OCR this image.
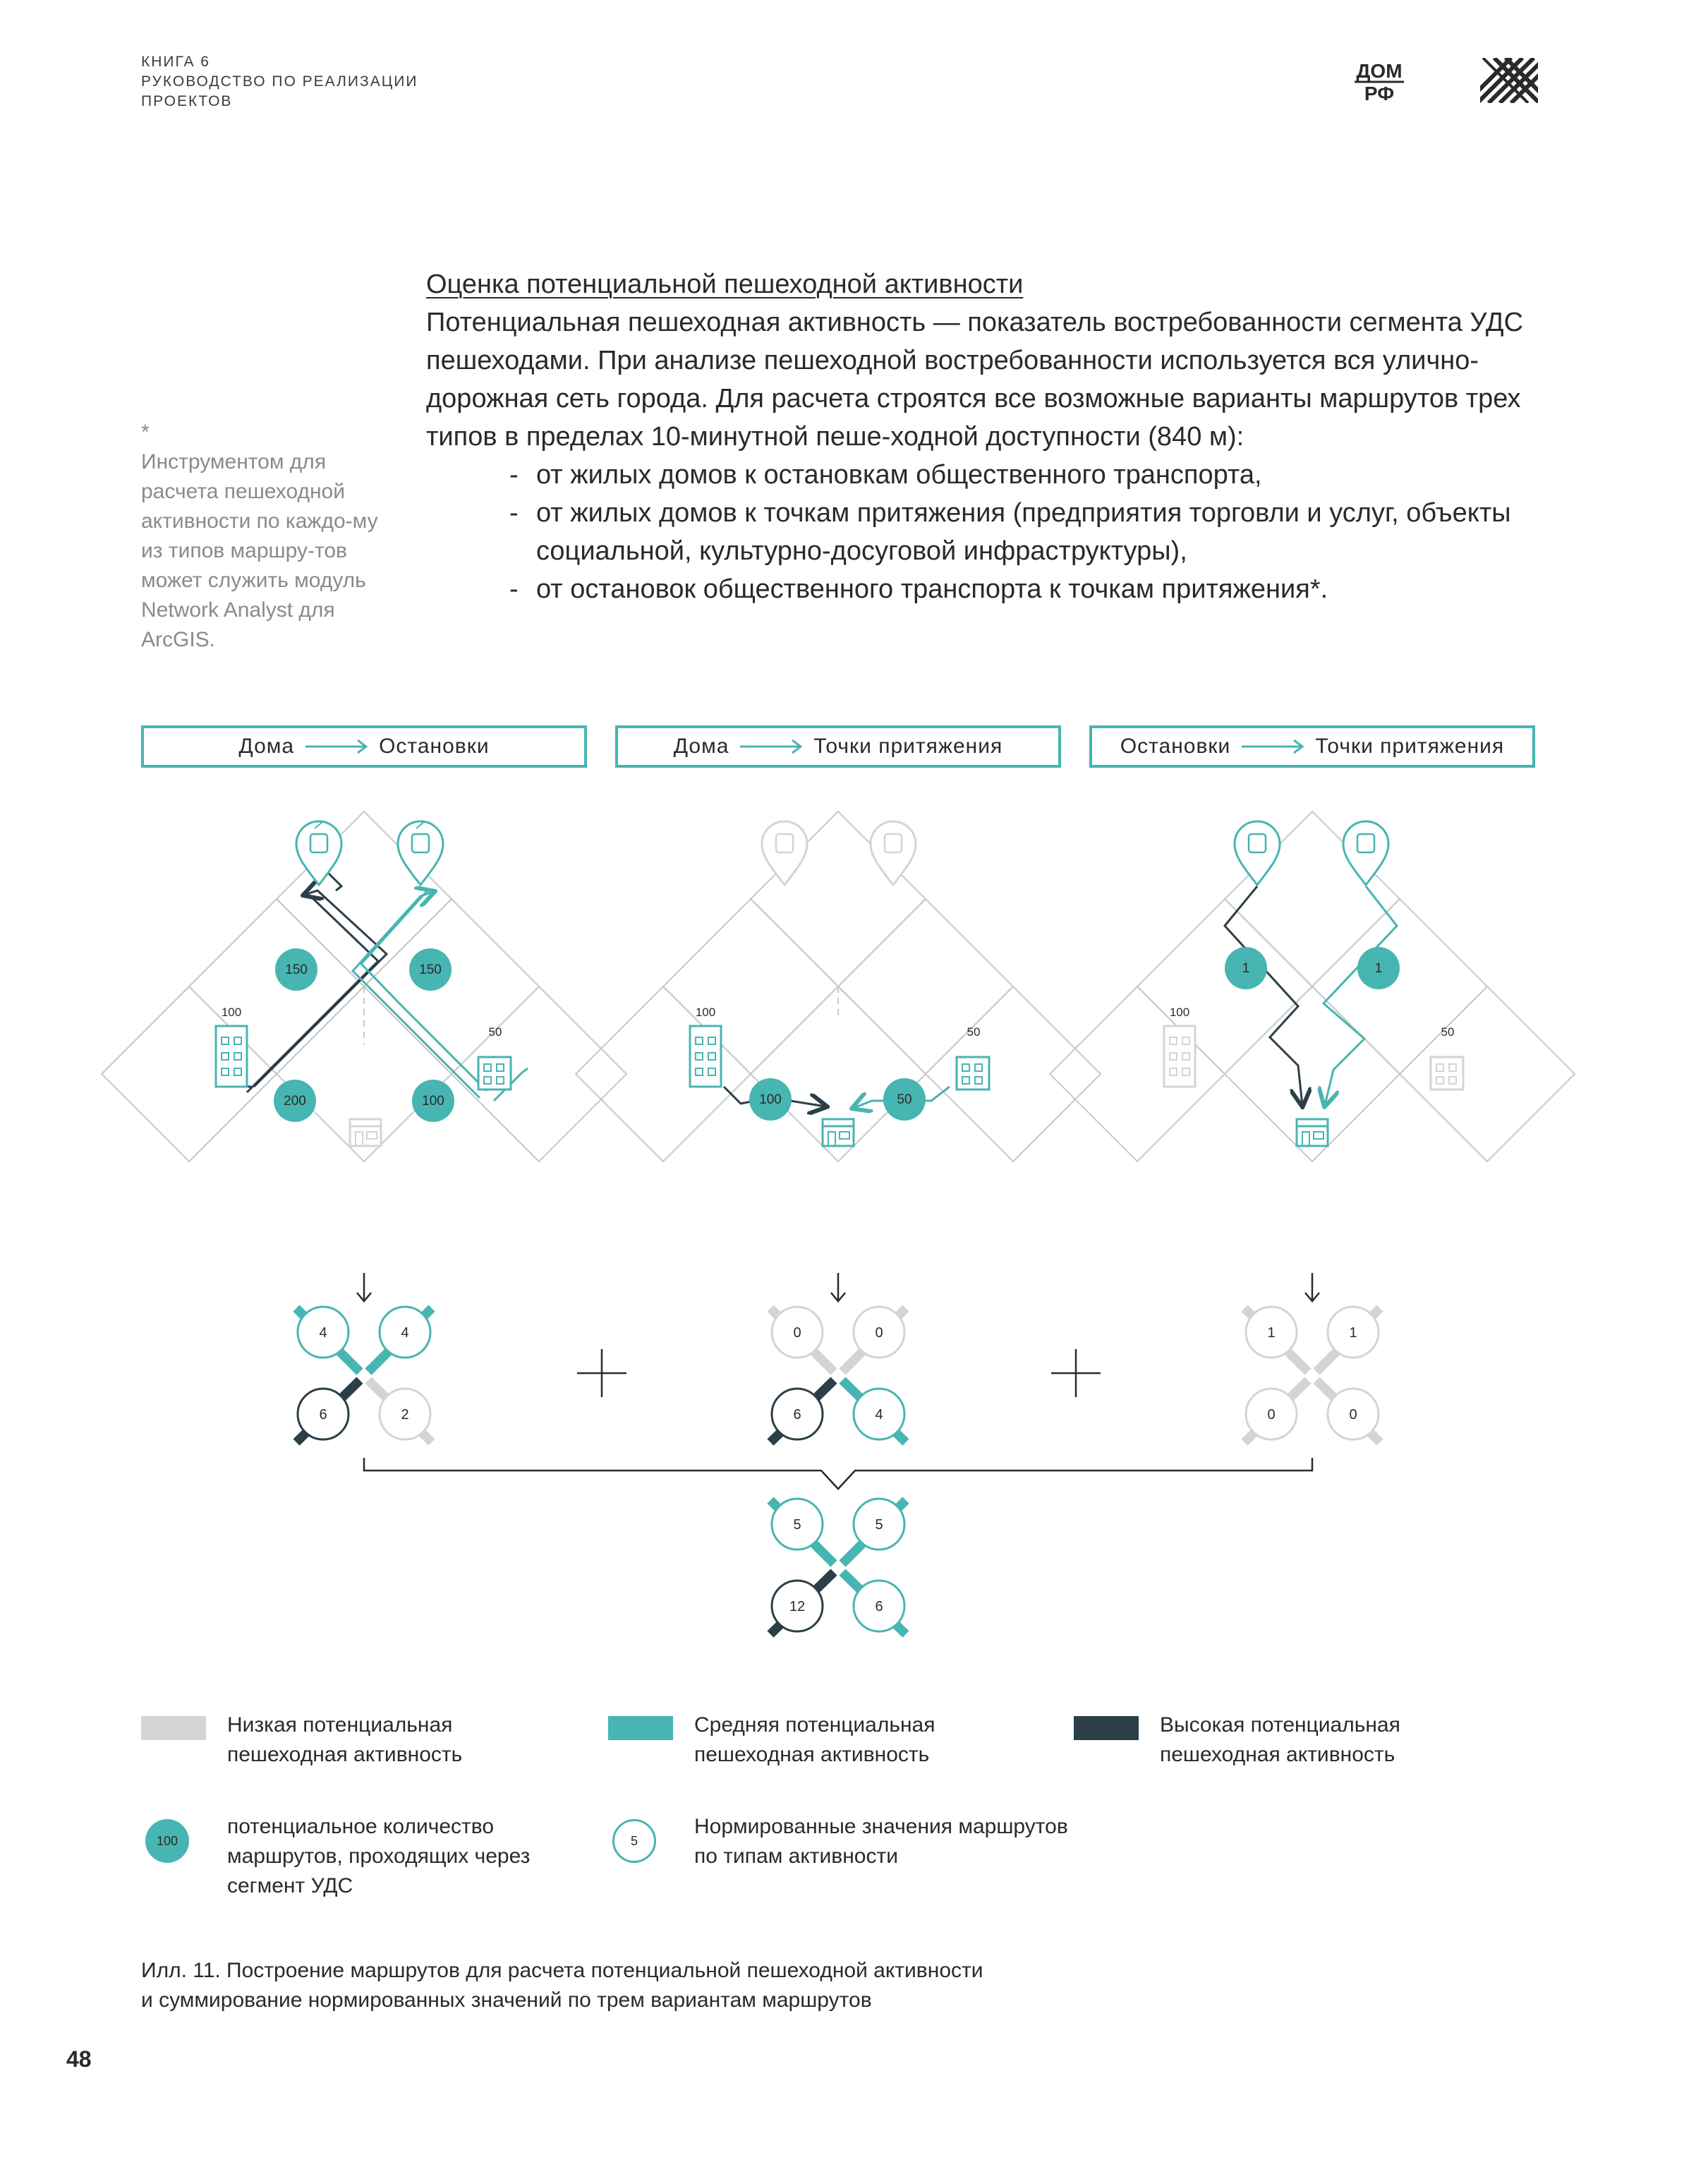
КНИГА 6
РУКОВОДСТВО ПО РЕАЛИЗАЦИИ
ПРОЕКТОВ
ДОМ
РФ
*
Инструментом для расчета пешеходной активности по каждо-му из типов маршру-тов может служить модуль Network Analyst для ArcGIS.
Оценка потенциальной пешеходной активности
Потенциальная пешеходная активность — показатель востребованности сегмента УДС пешеходами. При анализе пешеходной востребованности используется вся улично-дорожная сеть города. Для расчета строятся все возможные варианты маршрутов трех типов в пределах 10-минутной пеше-ходной доступности (840 м):
- от жилых домов к остановкам общественного транспорта,
- от жилых домов к точкам притяжения (предприятия торговли и услуг, объекты социальной, культурно-досуговой инфраструктуры),
- от остановок общественного транспорта к точкам притяжения*.
Дома	Остановки	Дома	Точки притяжения	Остановки	Точки притяжения
100
50
150	150
200	100
100
50
100	50
100
50
1	1
4	4
6	2
0	0
6	4
1	1
0	0
5	5
12	6
Низкая потенциальная пешеходная активность
Средняя потенциальная пешеходная активность
Высокая потенциальная пешеходная активность
100
потенциальное количество маршрутов, проходящих через сегмент УДС
5
Нормированные значения маршрутов по типам активности
Илл. 11. Построение маршрутов для расчета потенциальной пешеходной активности
и суммирование нормированных значений по трем вариантам маршрутов
48
